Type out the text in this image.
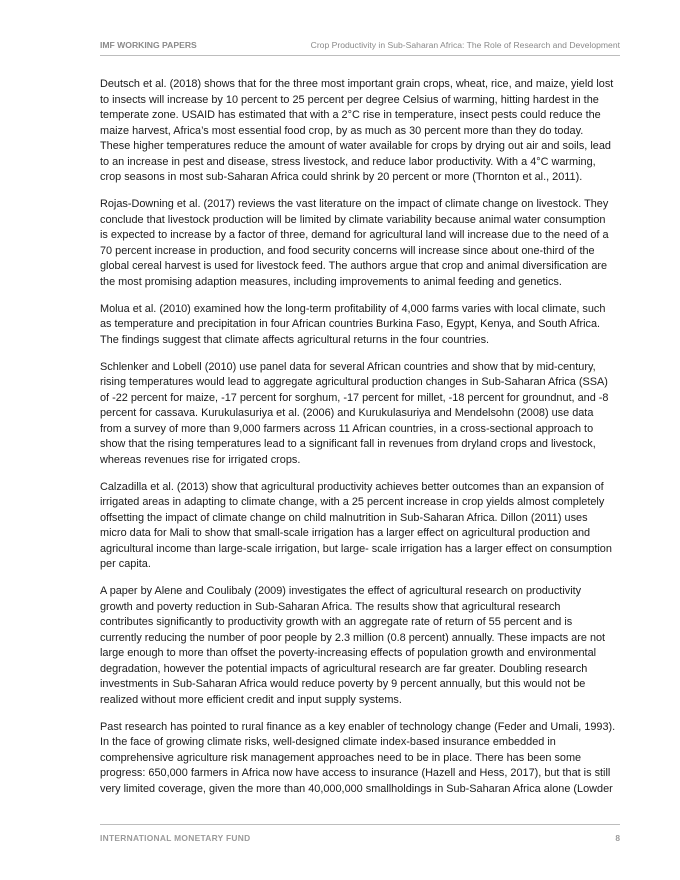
IMF WORKING PAPERS	Crop Productivity in Sub-Saharan Africa: The Role of Research and Development

Deutsch et al. (2018) shows that for the three most important grain crops, wheat, rice, and maize, yield lost
to insects will increase by 10 percent to 25 percent per degree Celsius of warming, hitting hardest in the
temperate zone. USAID has estimated that with a 2°C rise in temperature, insect pests could reduce the
maize harvest, Africa’s most essential food crop, by as much as 30 percent more than they do today.
These higher temperatures reduce the amount of water available for crops by drying out air and soils, lead
to an increase in pest and disease, stress livestock, and reduce labor productivity. With a 4°C warming,
crop seasons in most sub-Saharan Africa could shrink by 20 percent or more (Thornton et al., 2011).

Rojas-Downing et al. (2017) reviews the vast literature on the impact of climate change on livestock. They
conclude that livestock production will be limited by climate variability because animal water consumption
is expected to increase by a factor of three, demand for agricultural land will increase due to the need of a
70 percent increase in production, and food security concerns will increase since about one-third of the
global cereal harvest is used for livestock feed. The authors argue that crop and animal diversification are
the most promising adaption measures, including improvements to animal feeding and genetics.

Molua et al. (2010) examined how the long-term profitability of 4,000 farms varies with local climate, such
as temperature and precipitation in four African countries Burkina Faso, Egypt, Kenya, and South Africa.
The findings suggest that climate affects agricultural returns in the four countries.

Schlenker and Lobell (2010) use panel data for several African countries and show that by mid-century,
rising temperatures would lead to aggregate agricultural production changes in Sub-Saharan Africa (SSA)
of -22 percent for maize, -17 percent for sorghum, -17 percent for millet, -18 percent for groundnut, and -8
percent for cassava. Kurukulasuriya et al. (2006) and Kurukulasuriya and Mendelsohn (2008) use data
from a survey of more than 9,000 farmers across 11 African countries, in a cross-sectional approach to
show that the rising temperatures lead to a significant fall in revenues from dryland crops and livestock,
whereas revenues rise for irrigated crops.

Calzadilla et al. (2013) show that agricultural productivity achieves better outcomes than an expansion of
irrigated areas in adapting to climate change, with a 25 percent increase in crop yields almost completely
offsetting the impact of climate change on child malnutrition in Sub-Saharan Africa. Dillon (2011) uses
micro data for Mali to show that small-scale irrigation has a larger effect on agricultural production and
agricultural income than large-scale irrigation, but large- scale irrigation has a larger effect on consumption
per capita.

A paper by Alene and Coulibaly (2009) investigates the effect of agricultural research on productivity
growth and poverty reduction in Sub-Saharan Africa. The results show that agricultural research
contributes significantly to productivity growth with an aggregate rate of return of 55 percent and is
currently reducing the number of poor people by 2.3 million (0.8 percent) annually. These impacts are not
large enough to more than offset the poverty-increasing effects of population growth and environmental
degradation, however the potential impacts of agricultural research are far greater. Doubling research
investments in Sub-Saharan Africa would reduce poverty by 9 percent annually, but this would not be
realized without more efficient credit and input supply systems.

Past research has pointed to rural finance as a key enabler of technology change (Feder and Umali, 1993).
In the face of growing climate risks, well-designed climate index-based insurance embedded in
comprehensive agriculture risk management approaches need to be in place. There has been some
progress: 650,000 farmers in Africa now have access to insurance (Hazell and Hess, 2017), but that is still
very limited coverage, given the more than 40,000,000 smallholdings in Sub-Saharan Africa alone (Lowder

INTERNATIONAL MONETARY FUND	8
